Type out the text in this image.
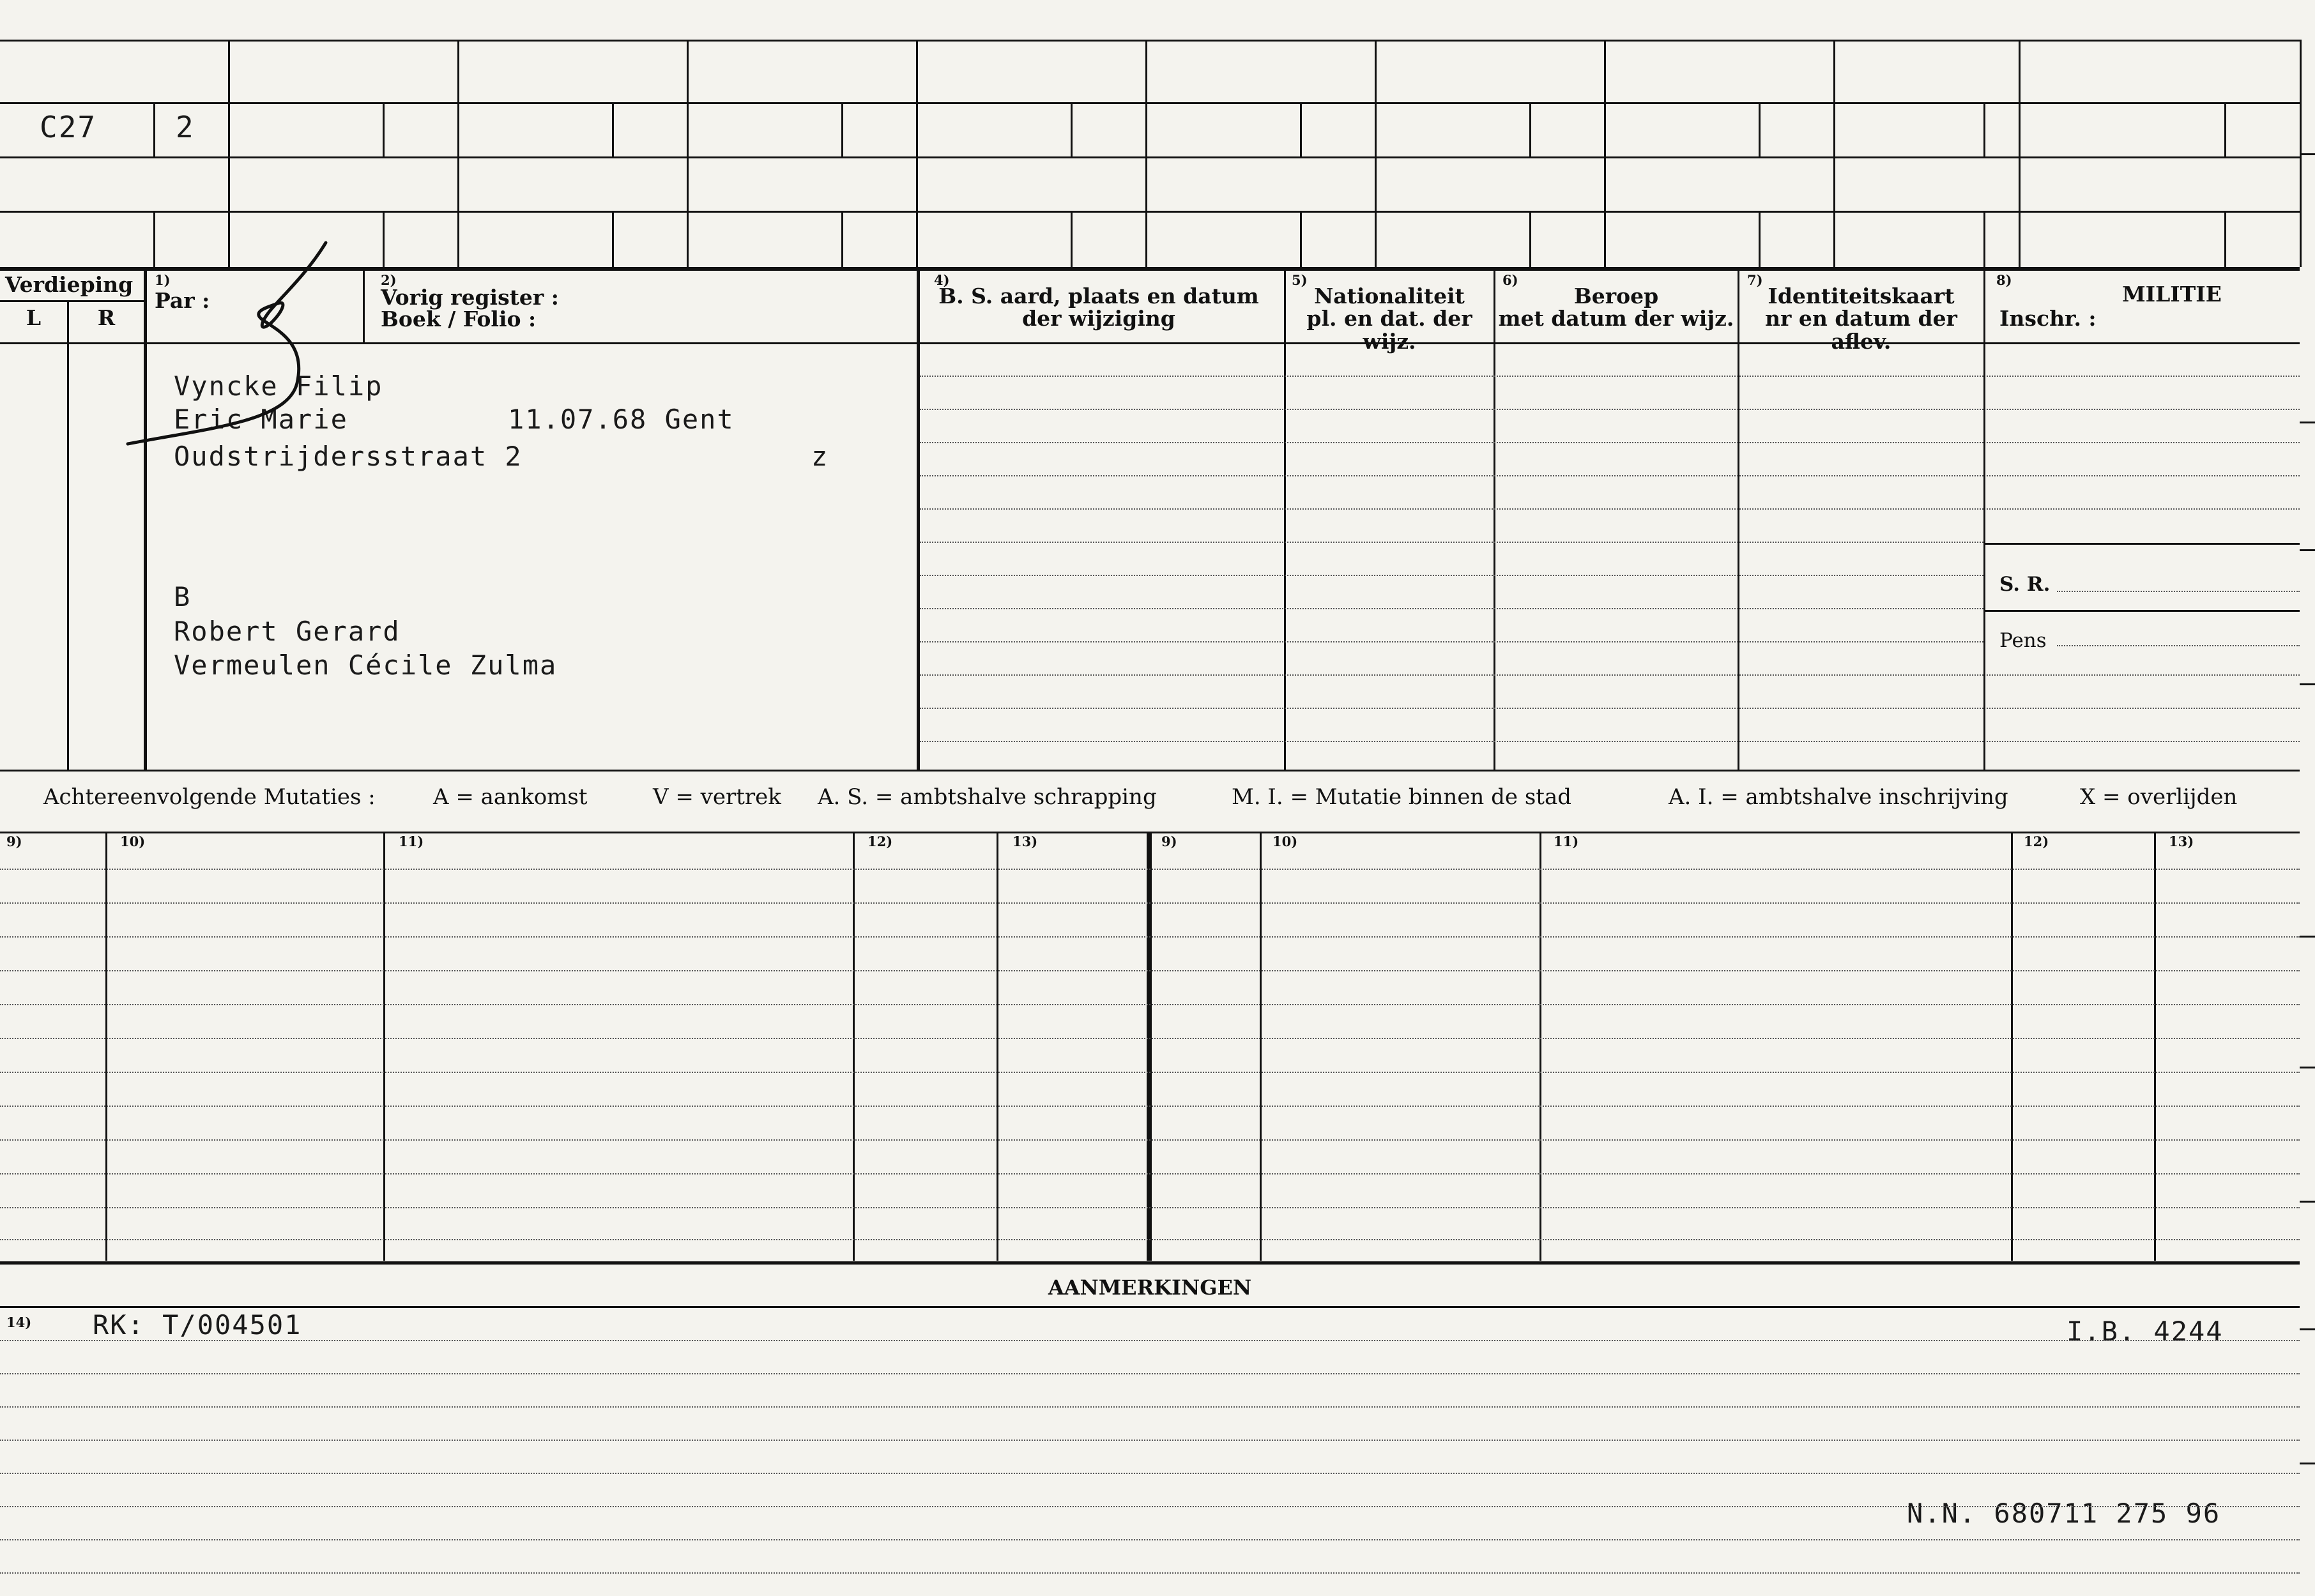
C27	2
Verdieping
L	R
1)
Par :
2)
Vorig register :
Boek / Folio :
4)
B. S. aard, plaats en datum
der wijziging
5)
Nationaliteit
pl. en dat. der wijz.
6)
Beroep
met datum der wijz.
7)
Identiteitskaart
nr en datum der aflev.
8)
MILITIE
Inschr. :
S. R.
Pens
Vyncke Filip
Eric Marie	11.07.68 Gent
Oudstrijdersstraat 2	z
B
Robert Gerard
Vermeulen Cécile Zulma
Achtereenvolgende Mutaties :	A = aankomst	V = vertrek A. S. = ambtshalve schrapping	M. I. = Mutatie binnen de stad	A. I. = ambtshalve inschrijving	X = overlijden
9)	10)	11)	12)	13)	9)	10)	11)	12)	13)
AANMERKINGEN
14) RK: T/004501	I.B. 4244
N.N. 680711 275 96
